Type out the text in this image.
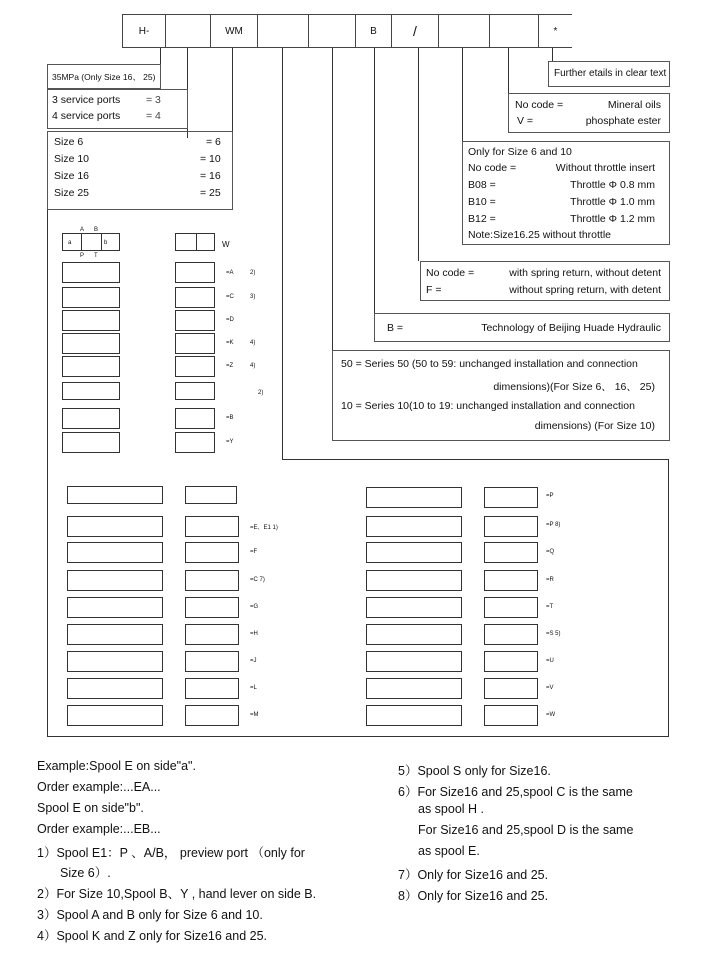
H-	WM	B	/	*
35MPa (Only Size 16、 25)
3 service ports = 3
4 service ports = 4
Size 6	= 6
Size 10	= 10
Size 16	= 16
Size 25	= 25
Further etails in clear text
No code =	Mineral oils
V =	phosphate ester
Only for Size 6 and 10
No code =	Without throttle insert
B08 =	Throttle Φ 0.8 mm
B10 =	Throttle Φ 1.0 mm
B12 =	Throttle Φ 1.2 mm
Note:Size16.25 without throttle
No code =	with spring return, without detent
F =	without spring return, with detent
B =	Technology of Beijing Huade Hydraulic
50 = Series 50 (50 to 59: unchanged installation and connection
dimensions)(For Size 6、 16、 25)
10 = Series 10(10 to 19: unchanged installation and connection
dimensions) (For Size 10)
a	b
A B
P T
W
=A	2)
=C	3)
=D
=K	4)
=Z	4)
2)
=B
=Y
=E、E1 1)
=F
=C 7)
=G
=H
=J
=L
=M
=P
=P 8)
=Q
=R
=T
=S 5)
=U
=V
=W
Example:Spool E on side"a".
Order example:...EA...
Spool E on side"b".
Order example:...EB...
1）Spool E1：P 、A/B， preview port （only for
Size 6）.
2）For Size 10,Spool B、Y , hand lever on side B.
3）Spool A and B only for Size 6 and 10.
4）Spool K and Z only for Size16 and 25.
5）Spool S only for Size16.
6）For Size16 and 25,spool C is the same
as spool H .
For Size16 and 25,spool D is the same
as spool E.
7）Only for Size16 and 25.
8）Only for Size16 and 25.
